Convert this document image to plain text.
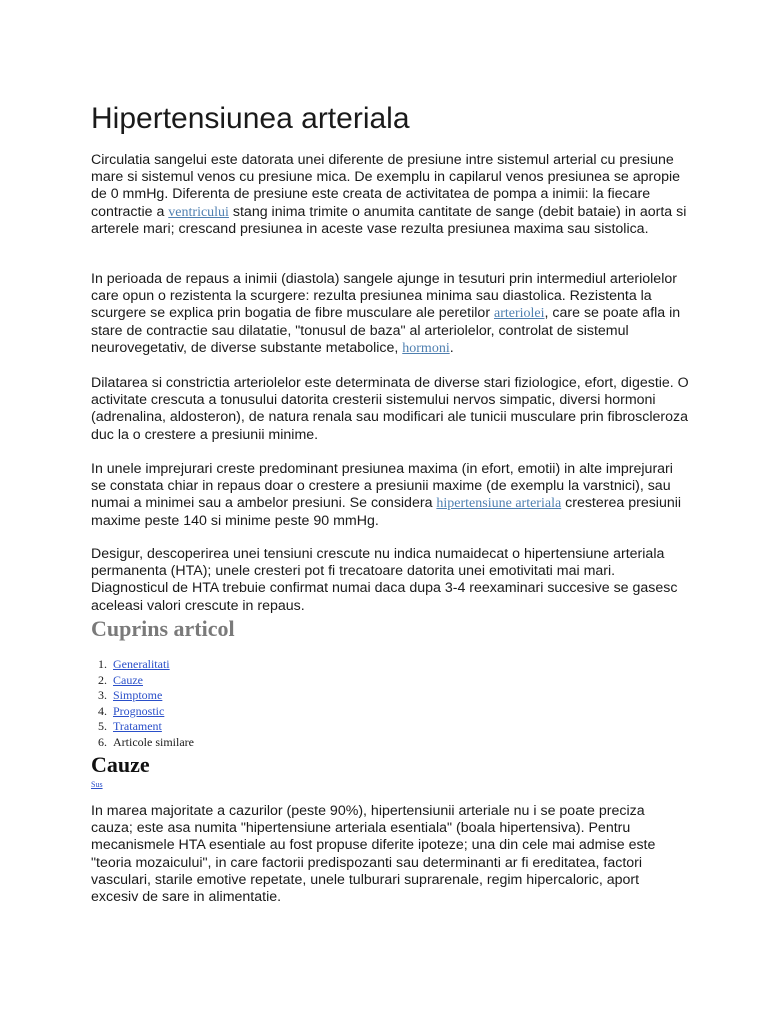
Hipertensiunea arteriala

Circulatia sangelui este datorata unei diferente de presiune intre sistemul arterial cu presiune mare si sistemul venos cu presiune mica. De exemplu in capilarul venos presiunea se apropie de 0 mmHg. Diferenta de presiune este creata de activitatea de pompa a inimii: la fiecare contractie a ventricului stang inima trimite o anumita cantitate de sange (debit bataie) in aorta si arterele mari; crescand presiunea in aceste vase rezulta presiunea maxima sau sistolica.

In perioada de repaus a inimii (diastola) sangele ajunge in tesuturi prin intermediul arteriolelor care opun o rezistenta la scurgere: rezulta presiunea minima sau diastolica. Rezistenta la scurgere se explica prin bogatia de fibre musculare ale peretilor arteriolei, care se poate afla in stare de contractie sau dilatatie, "tonusul de baza" al arteriolelor, controlat de sistemul neurovegetativ, de diverse substante metabolice, hormoni.

Dilatarea si constrictia arteriolelor este determinata de diverse stari fiziologice, efort, digestie. O activitate crescuta a tonusului datorita cresterii sistemului nervos simpatic, diversi hormoni (adrenalina, aldosteron), de natura renala sau modificari ale tunicii musculare prin fibroscleroza duc la o crestere a presiunii minime.

In unele imprejurari creste predominant presiunea maxima (in efort, emotii) in alte imprejurari se constata chiar in repaus doar o crestere a presiunii maxime (de exemplu la varstnici), sau numai a minimei sau a ambelor presiuni. Se considera hipertensiune arteriala cresterea presiunii maxime peste 140 si minime peste 90 mmHg.

Desigur, descoperirea unei tensiuni crescute nu indica numaidecat o hipertensiune arteriala permanenta (HTA); unele cresteri pot fi trecatoare datorita unei emotivitati mai mari. Diagnosticul de HTA trebuie confirmat numai daca dupa 3-4 reexaminari succesive se gasesc aceleasi valori crescute in repaus.

Cuprins articol
1. Generalitati
2. Cauze
3. Simptome
4. Prognostic
5. Tratament
6. Articole similare
Cauze
Sus

In marea majoritate a cazurilor (peste 90%), hipertensiunii arteriale nu i se poate preciza cauza; este asa numita "hipertensiune arteriala esentiala" (boala hipertensiva). Pentru mecanismele HTA esentiale au fost propuse diferite ipoteze; una din cele mai admise este "teoria mozaicului", in care factorii predispozanti sau determinanti ar fi ereditatea, factori vasculari, starile emotive repetate, unele tulburari suprarenale, regim hipercaloric, aport excesiv de sare in alimentatie.
